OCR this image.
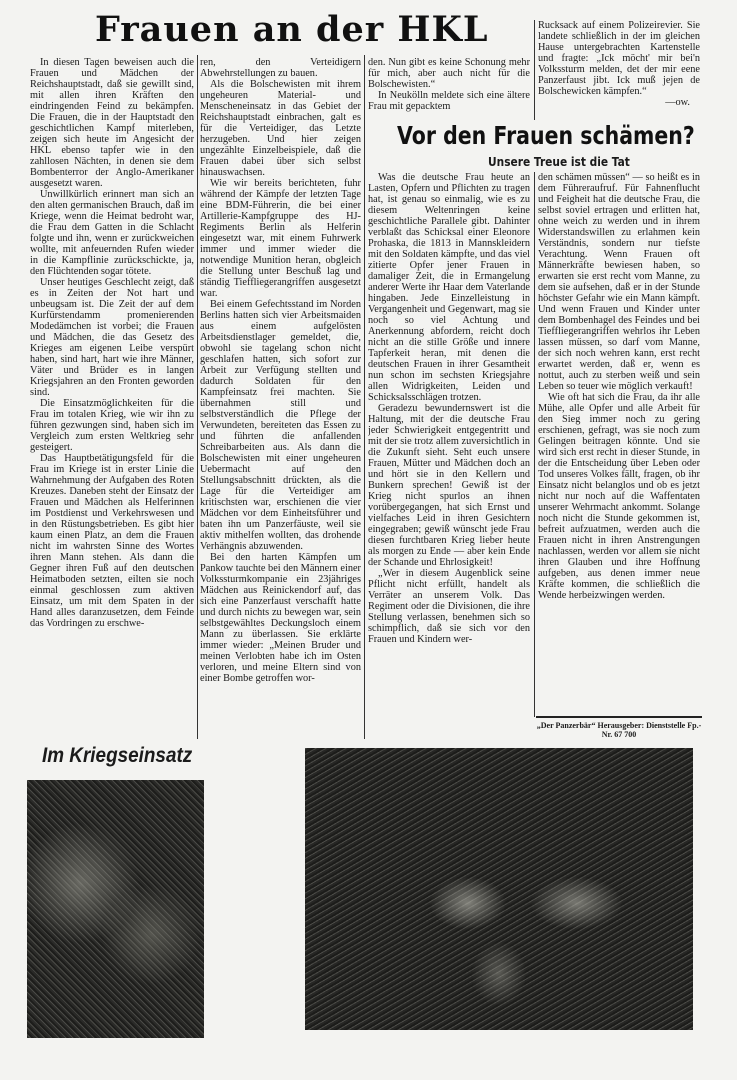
Frauen an der HKL

In diesen Tagen beweisen auch die Frauen und Mädchen der Reichshauptstadt, daß sie gewillt sind, mit allen ihren Kräften den eindringenden Feind zu bekämpfen. Die Frauen, die in der Hauptstadt den geschichtlichen Kampf miterleben, zeigen sich heute im Angesicht der HKL ebenso tapfer wie in den zahllosen Nächten, in denen sie dem Bombenterror der Anglo-Amerikaner ausgesetzt waren.

Unwillkürlich erinnert man sich an den alten germanischen Brauch, daß im Kriege, wenn die Heimat bedroht war, die Frau dem Gatten in die Schlacht folgte und ihn, wenn er zurückweichen wollte, mit anfeuernden Rufen wieder in die Kampflinie zurückschickte, ja, den Flüchtenden sogar tötete.

Unser heutiges Geschlecht zeigt, daß es in Zeiten der Not hart und unbeugsam ist. Die Zeit der auf dem Kurfürstendamm promenierenden Modedämchen ist vorbei; die Frauen und Mädchen, die das Gesetz des Krieges am eigenen Leibe verspürt haben, sind hart, hart wie ihre Männer, Väter und Brüder es in langen Kriegsjahren an den Fronten geworden sind.

Die Einsatzmöglichkeiten für die Frau im totalen Krieg, wie wir ihn zu führen gezwungen sind, haben sich im Vergleich zum ersten Weltkrieg sehr gesteigert.

Das Hauptbetätigungsfeld für die Frau im Kriege ist in erster Linie die Wahrnehmung der Aufgaben des Roten Kreuzes. Daneben steht der Einsatz der Frauen und Mädchen als Helferinnen im Postdienst und Verkehrswesen und in den Rüstungsbetrieben. Es gibt hier kaum einen Platz, an dem die Frauen nicht im wahrsten Sinne des Wortes ihren Mann stehen. Als dann die Gegner ihren Fuß auf den deutschen Heimatboden setzten, eilten sie noch einmal geschlossen zum aktiven Einsatz, um mit dem Spaten in der Hand alles daranzusetzen, dem Feinde das Vordringen zu erschwe-

ren, den Verteidigern Abwehrstellungen zu bauen.

Als die Bolschewisten mit ihrem ungeheuren Material- und Menscheneinsatz in das Gebiet der Reichshauptstadt einbrachen, galt es für die Verteidiger, das Letzte herzugeben. Und hier zeigen ungezählte Einzelbeispiele, daß die Frauen dabei über sich selbst hinauswachsen.

Wie wir bereits berichteten, fuhr während der Kämpfe der letzten Tage eine BDM-Führerin, die bei einer Artillerie-Kampfgruppe des HJ-Regiments Berlin als Helferin eingesetzt war, mit einem Fuhrwerk immer und immer wieder die notwendige Munition heran, obgleich die Stellung unter Beschuß lag und ständig Tieffliegerangriffen ausgesetzt war.

Bei einem Gefechtsstand im Norden Berlins hatten sich vier Arbeitsmaiden aus einem aufgelösten Arbeitsdienstlager gemeldet, die, obwohl sie tagelang schon nicht geschlafen hatten, sich sofort zur Arbeit zur Verfügung stellten und dadurch Soldaten für den Kampfeinsatz frei machten. Sie übernahmen still und selbstverständlich die Pflege der Verwundeten, bereiteten das Essen zu und führten die anfallenden Schreibarbeiten aus. Als dann die Bolschewisten mit einer ungeheuren Uebermacht auf den Stellungsabschnitt drückten, als die Lage für die Verteidiger am kritischsten war, erschienen die vier Mädchen vor dem Einheitsführer und baten ihn um Panzerfäuste, weil sie aktiv mithelfen wollten, das drohende Verhängnis abzuwenden.

Bei den harten Kämpfen um Pankow tauchte bei den Männern einer Volkssturmkompanie ein 23jähriges Mädchen aus Reinickendorf auf, das sich eine Panzerfaust verschafft hatte und durch nichts zu bewegen war, sein selbstgewähltes Deckungsloch einem Mann zu überlassen. Sie erklärte immer wieder: „Meinen Bruder und meinen Verlobten habe ich im Osten verloren, und meine Eltern sind von einer Bombe getroffen wor-

den. Nun gibt es keine Schonung mehr für mich, aber auch nicht für die Bolschewisten.“

In Neukölln meldete sich eine ältere Frau mit gepacktem

Rucksack auf einem Polizeirevier. Sie landete schließlich in der im gleichen Hause untergebrachten Kartenstelle und fragte: „Ick möcht' mir bei'n Volkssturm melden, det der mir eene Panzerfaust jibt. Ick muß jejen de Bolschewicken kämpfen.“

—ow.

Vor den Frauen schämen?
Unsere Treue ist die Tat

Was die deutsche Frau heute an Lasten, Opfern und Pflichten zu tragen hat, ist genau so einmalig, wie es zu diesem Weltenringen keine geschichtliche Parallele gibt. Dahinter verblaßt das Schicksal einer Eleonore Prohaska, die 1813 in Mannskleidern mit den Soldaten kämpfte, und das viel zitierte Opfer jener Frauen in damaliger Zeit, die in Ermangelung anderer Werte ihr Haar dem Vaterlande hingaben. Jede Einzelleistung in Vergangenheit und Gegenwart, mag sie noch so viel Achtung und Anerkennung abfordern, reicht doch nicht an die stille Größe und innere Tapferkeit heran, mit denen die deutschen Frauen in ihrer Gesamtheit nun schon im sechsten Kriegsjahre allen Widrigkeiten, Leiden und Schicksalsschlägen trotzen.

Geradezu bewundernswert ist die Haltung, mit der die deutsche Frau jeder Schwierigkeit entgegentritt und mit der sie trotz allem zuversichtlich in die Zukunft sieht. Seht euch unsere Frauen, Mütter und Mädchen doch an und hört sie in den Kellern und Bunkern sprechen! Gewiß ist der Krieg nicht spurlos an ihnen vorübergegangen, hat sich Ernst und vielfaches Leid in ihren Gesichtern eingegraben; gewiß wünscht jede Frau diesen furchtbaren Krieg lieber heute als morgen zu Ende — aber kein Ende der Schande und Ehrlosigkeit!

„Wer in diesem Augenblick seine Pflicht nicht erfüllt, handelt als Verräter an unserem Volk. Das Regiment oder die Divisionen, die ihre Stellung verlassen, benehmen sich so schimpflich, daß sie sich vor den Frauen und Kindern wer-

den schämen müssen“ — so heißt es in dem Führeraufruf. Für Fahnenflucht und Feigheit hat die deutsche Frau, die selbst soviel ertragen und erlitten hat, ohne weich zu werden und in ihrem Widerstandswillen zu erlahmen kein Verständnis, sondern nur tiefste Verachtung. Wenn Frauen oft Männerkräfte bewiesen haben, so erwarten sie erst recht vom Manne, zu dem sie aufsehen, daß er in der Stunde höchster Gefahr wie ein Mann kämpft. Und wenn Frauen und Kinder unter dem Bombenhagel des Feindes und bei Tieffliegerangriffen wehrlos ihr Leben lassen müssen, so darf vom Manne, der sich noch wehren kann, erst recht erwartet werden, daß er, wenn es nottut, auch zu sterben weiß und sein Leben so teuer wie möglich verkauft!

Wie oft hat sich die Frau, da ihr alle Mühe, alle Opfer und alle Arbeit für den Sieg immer noch zu gering erschienen, gefragt, was sie noch zum Gelingen beitragen könnte. Und sie wird sich erst recht in dieser Stunde, in der die Entscheidung über Leben oder Tod unseres Volkes fällt, fragen, ob ihr Einsatz nicht belanglos und ob es jetzt nicht nur noch auf die Waffentaten unserer Wehrmacht ankommt. Solange noch nicht die Stunde gekommen ist, befreit aufzuatmen, werden auch die Frauen nicht in ihren Anstrengungen nachlassen, werden vor allem sie nicht ihren Glauben und ihre Hoffnung aufgeben, aus denen immer neue Kräfte kommen, die schließlich die Wende herbeizwingen werden.

„Der Panzerbär“ Herausgeber: Dienststelle Fp.-Nr. 67 700
Im Kriegseinsatz
